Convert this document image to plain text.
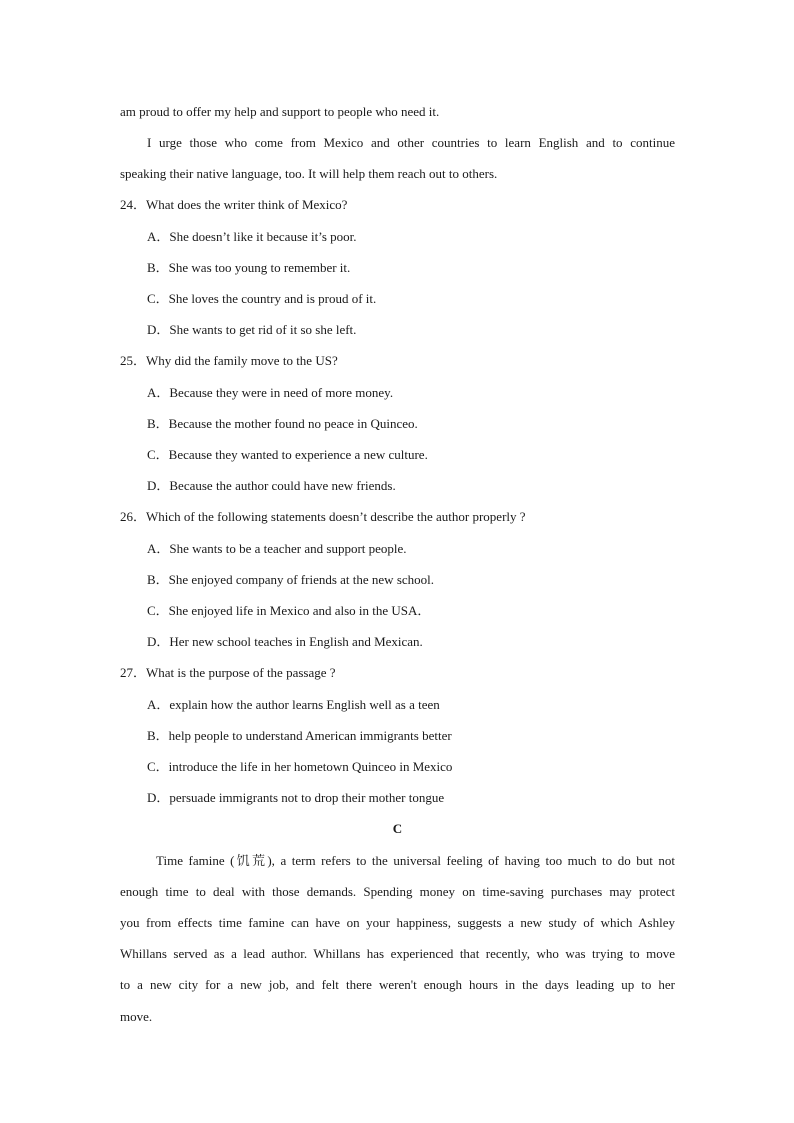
am proud to offer my help and support to people who need it.
I urge those who come from Mexico and other countries to learn English and to continue
speaking their native language, too. It will help them reach out to others.
24．What does the writer think of Mexico?
A．She doesn’t like it because it’s poor.
B．She was too young to remember it.
C．She loves the country and is proud of it.
D．She wants to get rid of it so she left.
25．Why did the family move to the US?
A．Because they were in need of more money.
B．Because the mother found no peace in Quinceo.
C．Because they wanted to experience a new culture.
D．Because the author could have new friends.
26．Which of the following statements doesn’t describe the author properly ?
A．She wants to be a teacher and support people.
B．She enjoyed company of friends at the new school.
C．She enjoyed life in Mexico and also in the USA．
D．Her new school teaches in English and Mexican.
27．What is the purpose of the passage ?
A．explain how the author learns English well as a teen
B．help people to understand American immigrants better
C．introduce the life in her hometown Quinceo in Mexico
D．persuade immigrants not to drop their mother tongue
C
Time famine (饥荒), a term refers to the universal feeling of having too much to do but not
enough time to deal with those demands. Spending money on time-saving purchases may protect
you from effects time famine can have on your happiness, suggests a new study of which Ashley
Whillans served as a lead author. Whillans has experienced that recently, who was trying to move
to a new city for a new job, and felt there weren't enough hours in the days leading up to her
move.
